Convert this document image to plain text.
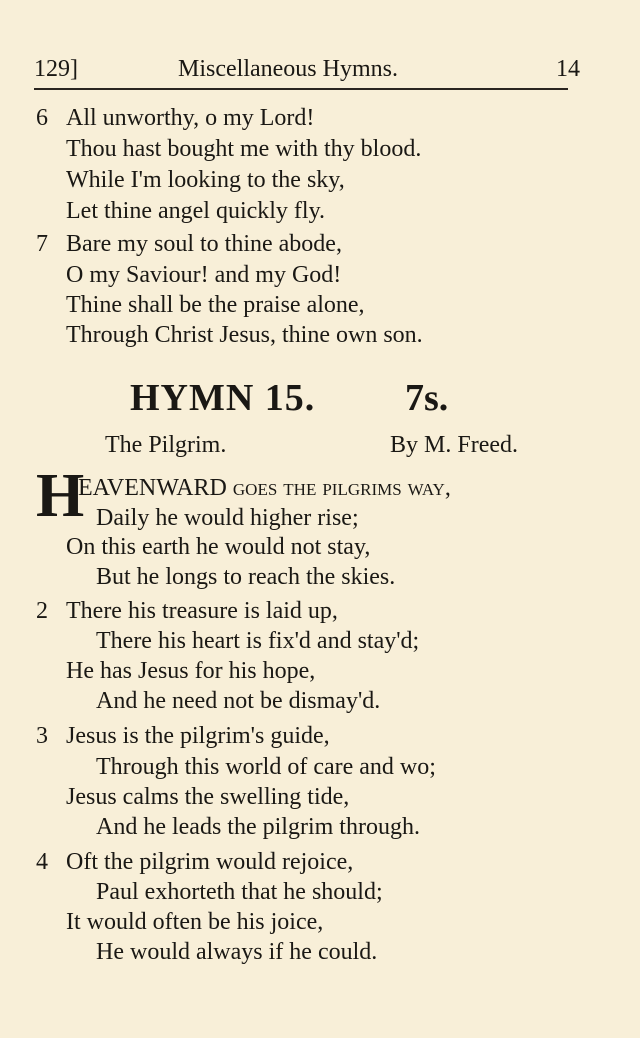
129]	Miscellaneous Hymns.	14
6 All unworthy, o my Lord!
Thou hast bought me with thy blood.
While I'm looking to the sky,
Let thine angel quickly fly.
7 Bare my soul to thine abode,
O my Saviour! and my God!
Thine shall be the praise alone,
Through Christ Jesus, thine own son.
HYMN 15. 7s.
The Pilgrim.	By M. Freed.
H
EAVENWARD goes the pilgrims way,
Daily he would higher rise;
On this earth he would not stay,
But he longs to reach the skies.
2 There his treasure is laid up,
There his heart is fix'd and stay'd;
He has Jesus for his hope,
And he need not be dismay'd.
3 Jesus is the pilgrim's guide,
Through this world of care and wo;
Jesus calms the swelling tide,
And he leads the pilgrim through.
4 Oft the pilgrim would rejoice,
Paul exhorteth that he should;
It would often be his joice,
He would always if he could.
